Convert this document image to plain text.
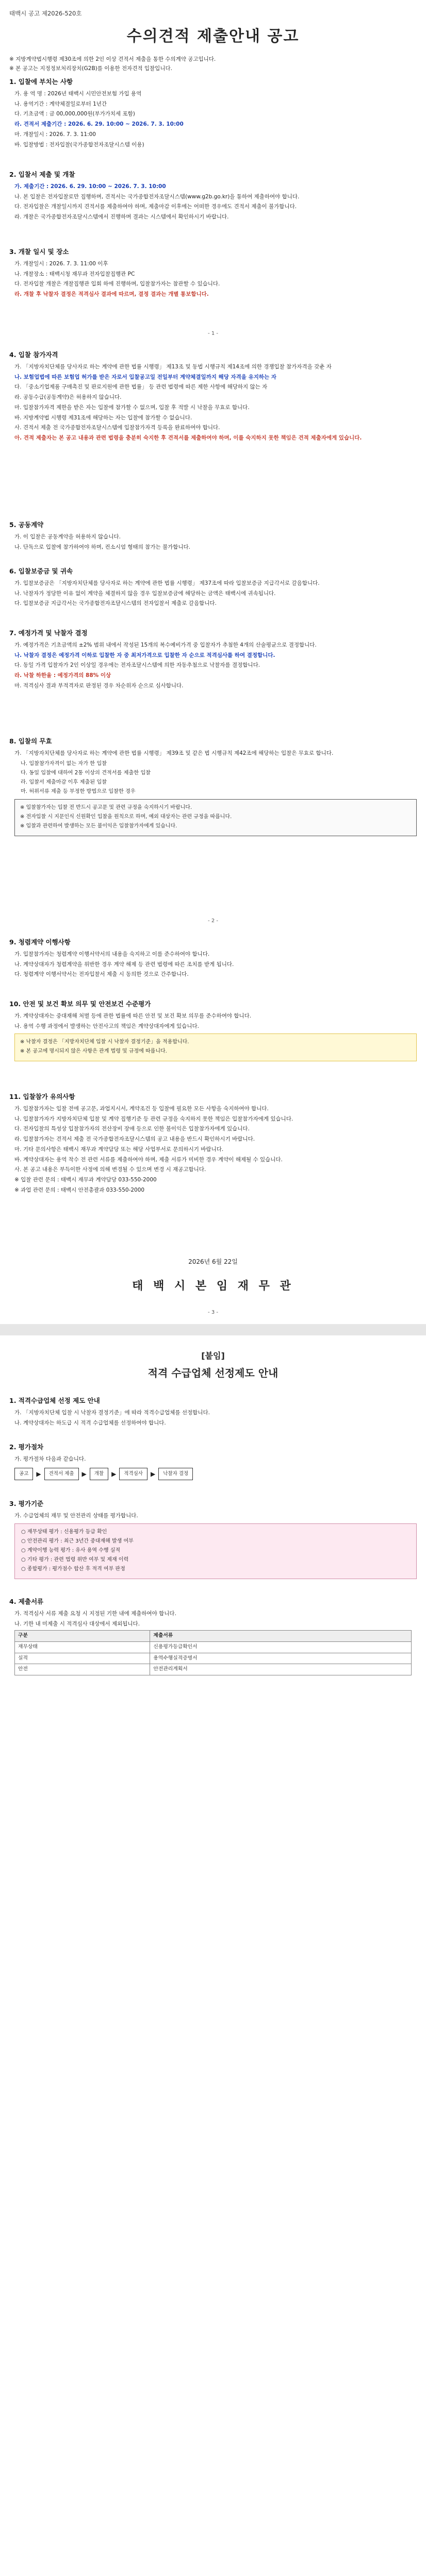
태백시 공고 제2026-520호
수의견적 제출안내 공고
※ 지방계약법시행령 제30조에 의한 2인 이상 견적서 제출을 통한 수의계약 공고입니다.
※ 본 공고는 지정정보처리장치(G2B)를 이용한 전자견적 입찰입니다.
1. 입찰에 부치는 사항

가. 용 역 명 : 2026년 태백시 시민안전보험 가입 용역

나. 용역기간 : 계약체결일로부터 1년간

다. 기초금액 : 금 00,000,000원(부가가치세 포함)

라. 견적서 제출기간 : 2026. 6. 29. 10:00 ~ 2026. 7. 3. 10:00

마. 개찰일시 : 2026. 7. 3. 11:00

바. 입찰방법 : 전자입찰(국가종합전자조달시스템 이용)

2. 입찰서 제출 및 개찰

가. 제출기간 : 2026. 6. 29. 10:00 ~ 2026. 7. 3. 10:00

나. 본 입찰은 전자입찰로만 집행하며, 견적서는 국가종합전자조달시스템(www.g2b.go.kr)을 통하여 제출하여야 합니다.

다. 전자입찰은 개찰일시까지 견적서를 제출하여야 하며, 제출마감 이후에는 어떠한 경우에도 견적서 제출이 불가합니다.

라. 개찰은 국가종합전자조달시스템에서 진행하며 결과는 시스템에서 확인하시기 바랍니다.

3. 개찰 일시 및 장소

가. 개찰일시 : 2026. 7. 3. 11:00 이후

나. 개찰장소 : 태백시청 재무과 전자입찰집행관 PC

다. 전자입찰 개찰은 개찰집행관 입회 하에 진행하며, 입찰참가자는 참관할 수 있습니다.

라. 개찰 후 낙찰자 결정은 적격심사 결과에 따르며, 결정 결과는 개별 통보합니다.

- 1 -
4. 입찰 참가자격

가. 「지방자치단체를 당사자로 하는 계약에 관한 법률 시행령」 제13조 및 동법 시행규칙 제14조에 의한 경쟁입찰 참가자격을 갖춘 자

나. 보험업법에 따른 보험업 허가를 받은 자로서 입찰공고일 전일부터 계약체결일까지 해당 자격을 유지하는 자

다. 「중소기업제품 구매촉진 및 판로지원에 관한 법률」 등 관련 법령에 따른 제한 사항에 해당하지 않는 자

라. 공동수급(공동계약)은 허용하지 않습니다.

마. 입찰참가자격 제한을 받은 자는 입찰에 참가할 수 없으며, 입찰 후 적발 시 낙찰을 무효로 합니다.

바. 지방계약법 시행령 제31조에 해당하는 자는 입찰에 참가할 수 없습니다.

사. 견적서 제출 전 국가종합전자조달시스템에 입찰참가자격 등록을 완료하여야 합니다.

아. 견적 제출자는 본 공고 내용과 관련 법령을 충분히 숙지한 후 견적서를 제출하여야 하며, 이를 숙지하지 못한 책임은 견적 제출자에게 있습니다.

5. 공동계약

가. 이 입찰은 공동계약을 허용하지 않습니다.

나. 단독으로 입찰에 참가하여야 하며, 컨소시엄 형태의 참가는 불가합니다.

6. 입찰보증금 및 귀속

가. 입찰보증금은 「지방자치단체를 당사자로 하는 계약에 관한 법률 시행령」 제37조에 따라 입찰보증금 지급각서로 갈음합니다.

나. 낙찰자가 정당한 이유 없이 계약을 체결하지 않을 경우 입찰보증금에 해당하는 금액은 태백시에 귀속됩니다.

다. 입찰보증금 지급각서는 국가종합전자조달시스템의 전자입찰서 제출로 갈음합니다.

7. 예정가격 및 낙찰자 결정

가. 예정가격은 기초금액의 ±2% 범위 내에서 작성된 15개의 복수예비가격 중 입찰자가 추첨한 4개의 산술평균으로 결정합니다.

나. 낙찰자 결정은 예정가격 이하로 입찰한 자 중 최저가격으로 입찰한 자 순으로 적격심사를 하여 결정합니다.

다. 동일 가격 입찰자가 2인 이상일 경우에는 전자조달시스템에 의한 자동추첨으로 낙찰자를 결정합니다.

라. 낙찰 하한율 : 예정가격의 88% 이상

마. 적격심사 결과 부적격자로 판정된 경우 차순위자 순으로 심사합니다.

8. 입찰의 무효

가. 「지방자치단체를 당사자로 하는 계약에 관한 법률 시행령」 제39조 및 같은 법 시행규칙 제42조에 해당하는 입찰은 무효로 합니다.

나. 입찰참가자격이 없는 자가 한 입찰

다. 동일 입찰에 대하여 2통 이상의 견적서를 제출한 입찰

라. 입찰서 제출마감 이후 제출된 입찰

마. 허위서류 제출 등 부정한 방법으로 입찰한 경우

※ 입찰참가자는 입찰 전 반드시 공고문 및 관련 규정을 숙지하시기 바랍니다.

※ 전자입찰 시 지문인식 신원확인 입찰을 원칙으로 하며, 예외 대상자는 관련 규정을 따릅니다.

※ 입찰과 관련하여 발생하는 모든 불이익은 입찰참가자에게 있습니다.

- 2 -
9. 청렴계약 이행사항

가. 입찰참가자는 청렴계약 이행서약서의 내용을 숙지하고 이를 준수하여야 합니다.

나. 계약상대자가 청렴계약을 위반한 경우 계약 해제 등 관련 법령에 따른 조치를 받게 됩니다.

다. 청렴계약 이행서약서는 전자입찰서 제출 시 동의한 것으로 간주합니다.

10. 안전 및 보건 확보 의무 및 안전보건 수준평가

가. 계약상대자는 중대재해 처벌 등에 관한 법률에 따른 안전 및 보건 확보 의무를 준수하여야 합니다.

나. 용역 수행 과정에서 발생하는 안전사고의 책임은 계약상대자에게 있습니다.

※ 낙찰자 결정은 「지방자치단체 입찰 시 낙찰자 결정기준」을 적용합니다.

※ 본 공고에 명시되지 않은 사항은 관계 법령 및 규정에 따릅니다.

11. 입찰참가 유의사항

가. 입찰참가자는 입찰 전에 공고문, 과업지시서, 계약조건 등 입찰에 필요한 모든 사항을 숙지하여야 합니다.

나. 입찰참가자가 지방자치단체 입찰 및 계약 집행기준 등 관련 규정을 숙지하지 못한 책임은 입찰참가자에게 있습니다.

다. 전자입찰의 특성상 입찰참가자의 전산장비 장애 등으로 인한 불이익은 입찰참가자에게 있습니다.

라. 입찰참가자는 견적서 제출 전 국가종합전자조달시스템의 공고 내용을 반드시 확인하시기 바랍니다.

마. 기타 문의사항은 태백시 재무과 계약담당 또는 해당 사업부서로 문의하시기 바랍니다.

바. 계약상대자는 용역 착수 전 관련 서류를 제출하여야 하며, 제출 서류가 미비한 경우 계약이 해제될 수 있습니다.

사. 본 공고 내용은 부득이한 사정에 의해 변경될 수 있으며 변경 시 재공고합니다.

※ 입찰 관련 문의 : 태백시 재무과 계약담당 033-550-2000

※ 과업 관련 문의 : 태백시 안전총괄과 033-550-2000

2026년 6월 22일
태 백 시 본 임 재 무 관
- 3 -
[붙임]
적격 수급업체 선정제도 안내
1. 적격수급업체 선정 제도 안내

가. 「지방자치단체 입찰 시 낙찰자 결정기준」에 따라 적격수급업체를 선정합니다.

나. 계약상대자는 하도급 시 적격 수급업체를 선정하여야 합니다.

2. 평가절차

가. 평가절차 다음과 같습니다.

공고	▶	견적서 제출	▶	개찰	▶	적격심사	▶	낙찰자 결정
3. 평가기준

가. 수급업체의 재무 및 안전관리 상태를 평가합니다.

○ 재무상태 평가 : 신용평가 등급 확인

○ 안전관리 평가 : 최근 3년간 중대재해 발생 여부

○ 계약이행 능력 평가 : 유사 용역 수행 실적

○ 기타 평가 : 관련 법령 위반 여부 및 제재 이력

○ 종합평가 : 평가점수 합산 후 적격 여부 판정

4. 제출서류

가. 적격심사 서류 제출 요청 시 지정된 기한 내에 제출하여야 합니다.

나. 기한 내 미제출 시 적격심사 대상에서 제외됩니다.

구분	제출서류
재무상태	신용평가등급확인서
실적	용역수행실적증명서
안전	안전관리계획서
